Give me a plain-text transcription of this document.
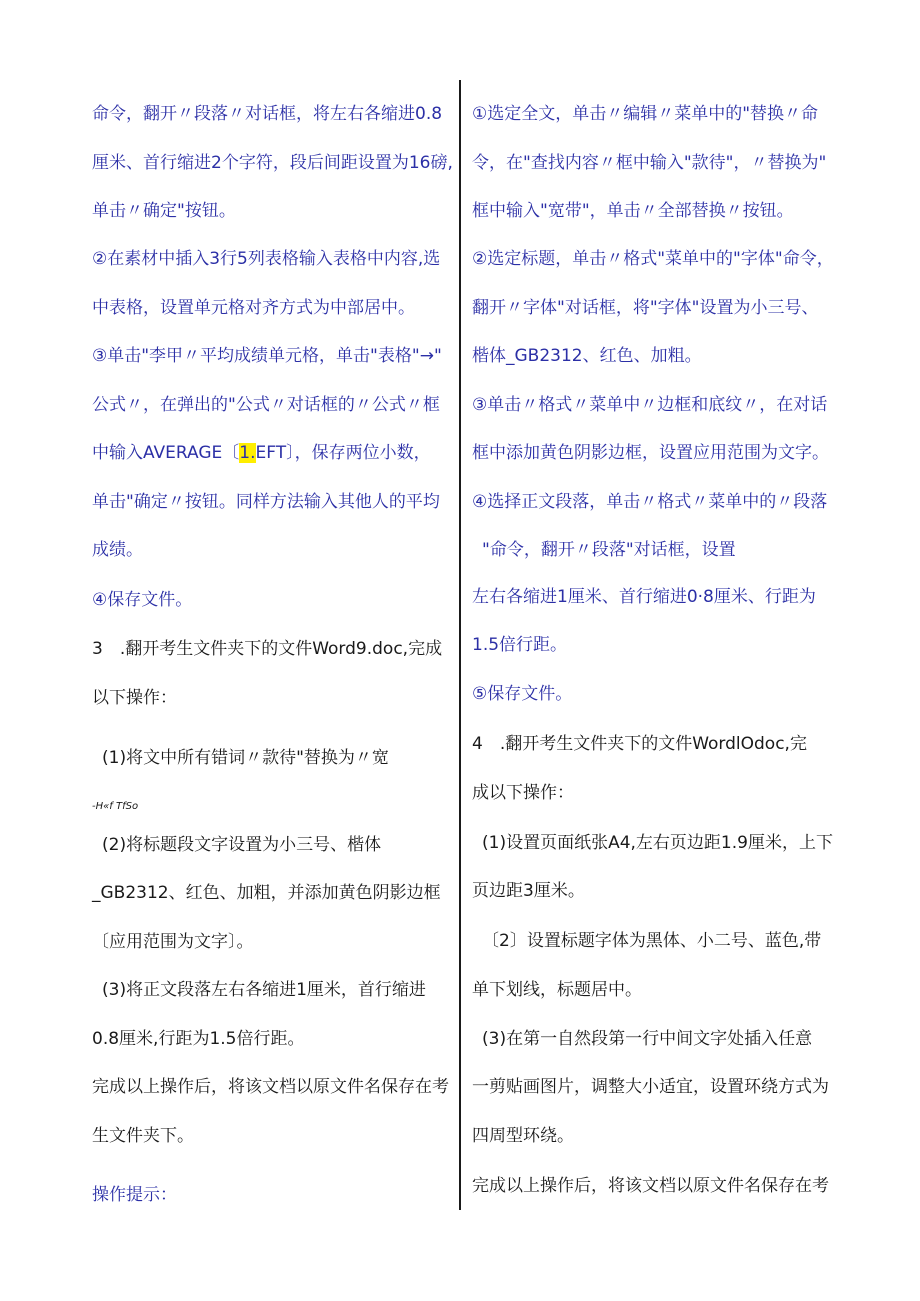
命令，翻开〃段落〃对话框，将左右各缩进0.8
厘米、首行缩进2个字符，段后间距设置为16磅,
单击〃确定"按钮。
②在素材中插入3行5列表格输入表格中内容,选
中表格，设置单元格对齐方式为中部居中。
③单击"李甲〃平均成绩单元格，单击"表格"→"
公式〃，在弹出的"公式〃对话框的〃公式〃框
中输入AVERAGE〔1.EFT〕，保存两位小数，
单击"确定〃按钮。同样方法输入其他人的平均
成绩。
④保存文件。
3　.翻开考生文件夹下的文件Word9.doc,完成
以下操作：
(1)将文中所有错词〃款待"替换为〃宽
-H«f TfSo
(2)将标题段文字设置为小三号、楷体
_GB2312、红色、加粗，并添加黄色阴影边框
〔应用范围为文字〕。
(3)将正文段落左右各缩进1厘米，首行缩进
0.8厘米,行距为1.5倍行距。
完成以上操作后，将该文档以原文件名保存在考
生文件夹下。
操作提示：
①选定全文，单击〃编辑〃菜单中的"替换〃命
令，在"查找内容〃框中输入"款待"，〃替换为"
框中输入"宽带"，单击〃全部替换〃按钮。
②选定标题，单击〃格式"菜单中的"字体"命令，
翻开〃字体"对话框，将"字体"设置为小三号、
楷体_GB2312、红色、加粗。
③单击〃格式〃菜单中〃边框和底纹〃，在对话
框中添加黄色阴影边框，设置应用范围为文字。
④选择正文段落，单击〃格式〃菜单中的〃段落
"命令，翻开〃段落"对话框，设置
左右各缩进1厘米、首行缩进0·8厘米、行距为
1.5倍行距。
⑤保存文件。
4　.翻开考生文件夹下的文件WordlOdoc,完
成以下操作：
(1)设置页面纸张A4,左右页边距1.9厘米，上下
页边距3厘米。
〔2〕设置标题字体为黑体、小二号、蓝色,带
单下划线，标题居中。
(3)在第一自然段第一行中间文字处插入任意
一剪贴画图片，调整大小适宜，设置环绕方式为
四周型环绕。
完成以上操作后，将该文档以原文件名保存在考
